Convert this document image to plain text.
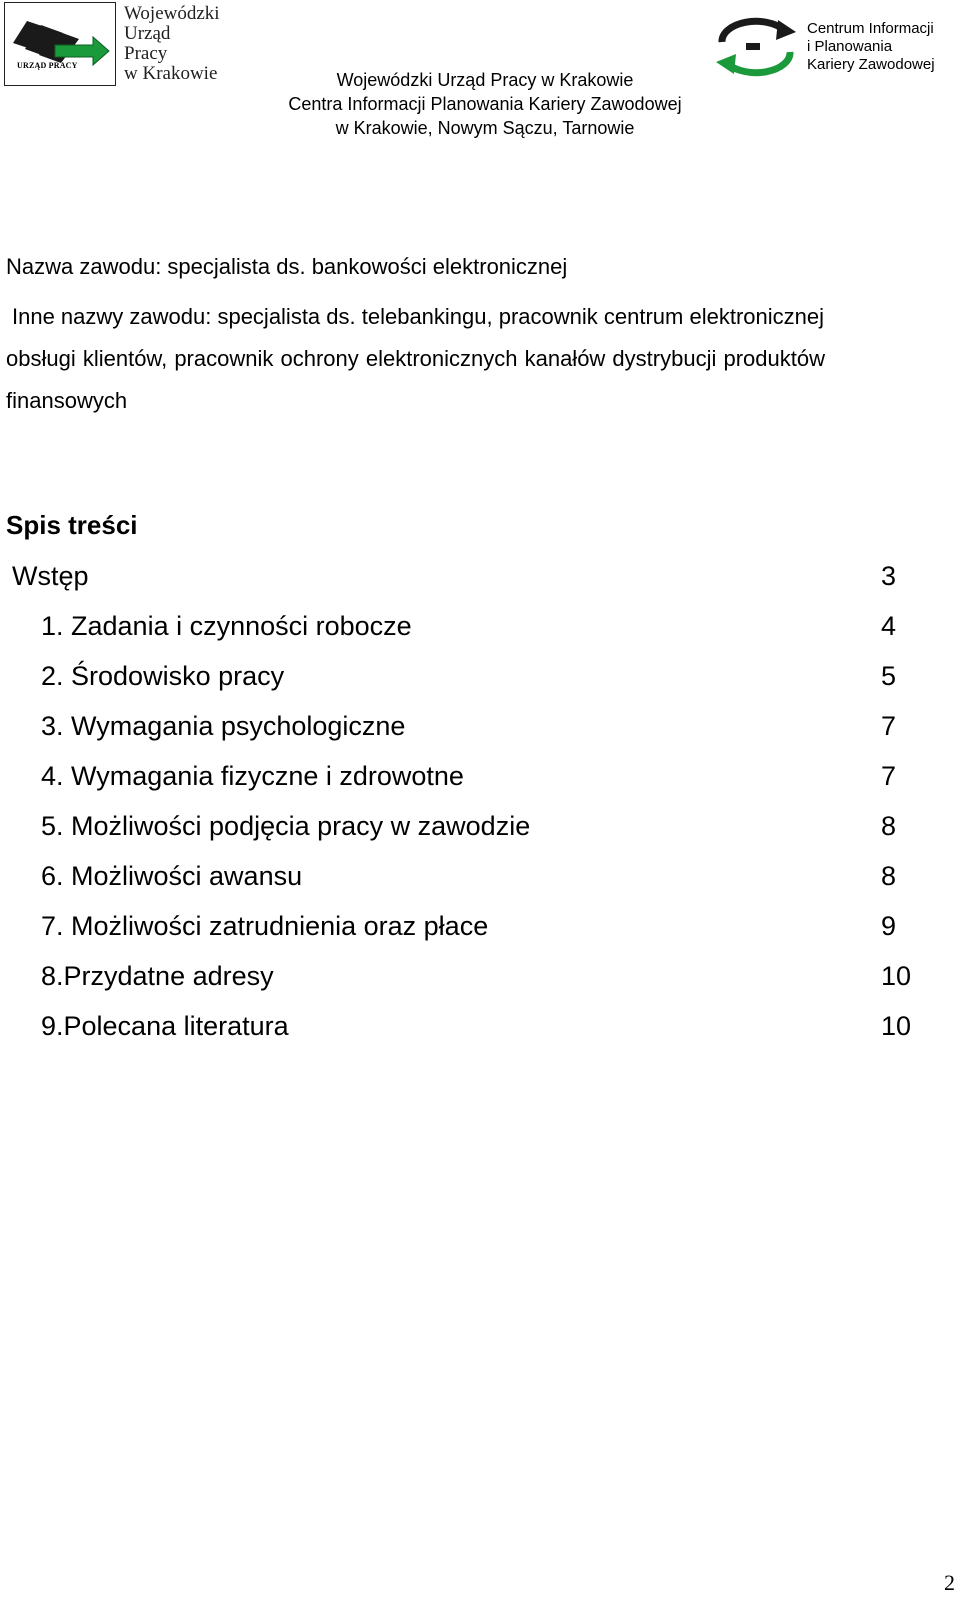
URZĄD PRACY
Wojewódzki
Urząd
Pracy
w Krakowie	Wojewódzki Urząd Pracy w Krakowie
Centra Informacji Planowania Kariery Zawodowej
w Krakowie, Nowym Sączu, Tarnowie
Centrum Informacji
i Planowania
Kariery Zawodowej
Nazwa zawodu: specjalista ds. bankowości elektronicznej
Inne nazwy zawodu: specjalista ds. telebankingu, pracownik centrum elektronicznej
obsługi klientów, pracownik ochrony elektronicznych kanałów dystrybucji produktów
finansowych
Spis treści
Wstęp	3
1. Zadania i czynności robocze	4
2. Środowisko pracy	5
3. Wymagania psychologiczne	7
4. Wymagania fizyczne i zdrowotne	7
5. Możliwości podjęcia pracy w zawodzie	8
6. Możliwości awansu	8
7. Możliwości zatrudnienia oraz płace	9
8.Przydatne adresy	10
9.Polecana literatura	10
2
